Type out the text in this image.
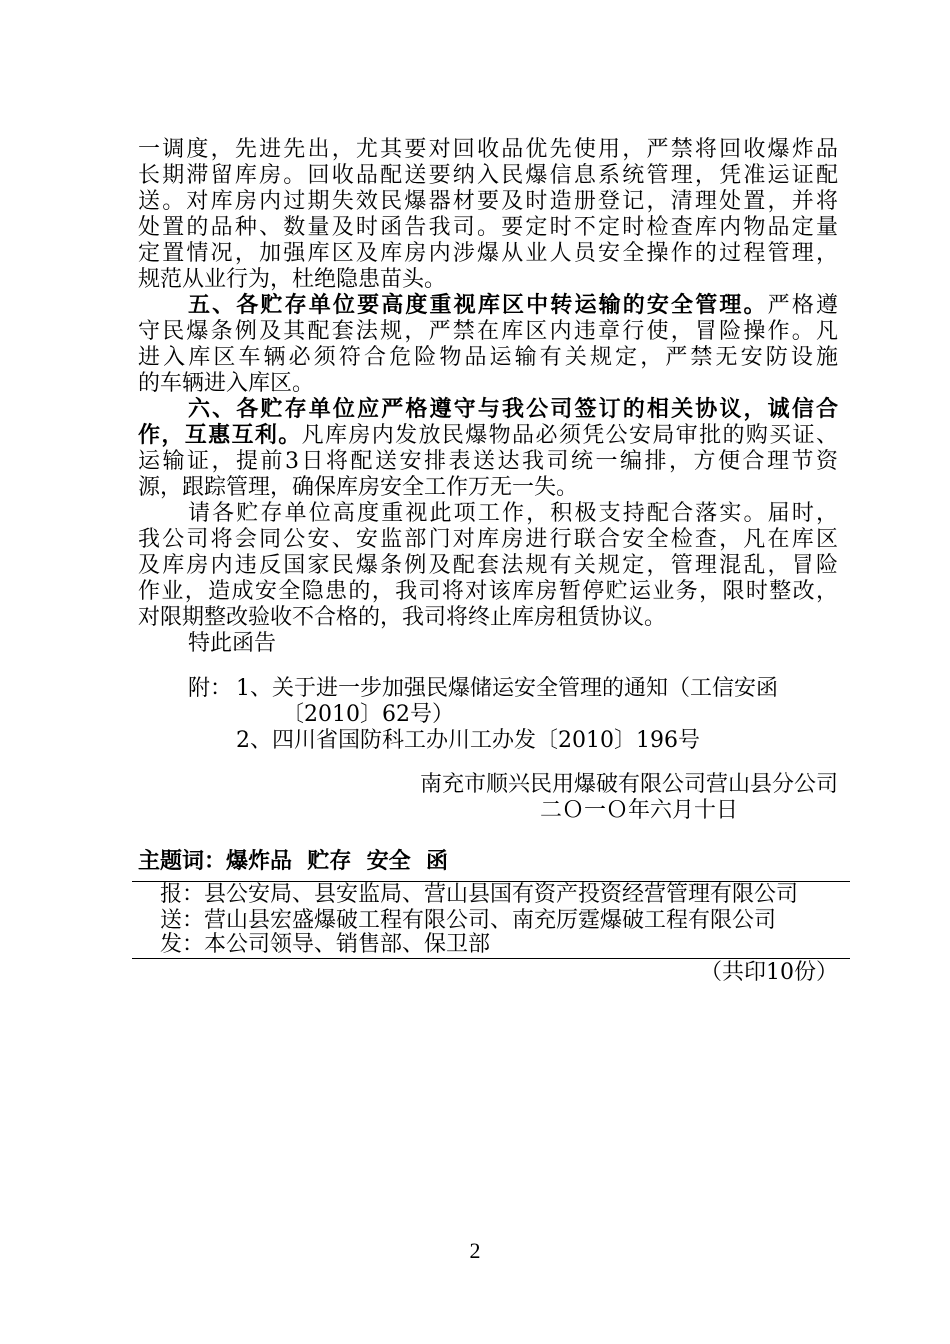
一调度，先进先出，尤其要对回收品优先使用，严禁将回收爆炸品
长期滞留库房。回收品配送要纳入民爆信息系统管理，凭准运证配
送。对库房内过期失效民爆器材要及时造册登记，清理处置，并将
处置的品种、数量及时函告我司。要定时不定时检查库内物品定量
定置情况，加强库区及库房内涉爆从业人员安全操作的过程管理，
规范从业行为，杜绝隐患苗头。
五、各贮存单位要高度重视库区中转运输的安全管理。严格遵
守民爆条例及其配套法规，严禁在库区内违章行使，冒险操作。凡
进入库区车辆必须符合危险物品运输有关规定，严禁无安防设施
的车辆进入库区。
六、各贮存单位应严格遵守与我公司签订的相关协议，诚信合
作，互惠互利。凡库房内发放民爆物品必须凭公安局审批的购买证、
运输证，提前3日将配送安排表送达我司统一编排，方便合理节资
源，跟踪管理，确保库房安全工作万无一失。
请各贮存单位高度重视此项工作，积极支持配合落实。届时，
我公司将会同公安、安监部门对库房进行联合安全检查，凡在库区
及库房内违反国家民爆条例及配套法规有关规定，管理混乱，冒险
作业，造成安全隐患的，我司将对该库房暂停贮运业务，限时整改，
对限期整改验收不合格的，我司将终止库房租赁协议。
特此函告
附： 1、关于进一步加强民爆储运安全管理的通知（工信安函
〔2010〕62号）
2、四川省国防科工办川工办发〔2010〕196号
南充市顺兴民用爆破有限公司营山县分公司
二Ｏ一Ｏ年六月十日
主题词：爆炸品  贮存  安全  函
报：县公安局、县安监局、营山县国有资产投资经营管理有限公司
送：营山县宏盛爆破工程有限公司、南充厉霆爆破工程有限公司
发：本公司领导、销售部、保卫部
（共印10份）
2
